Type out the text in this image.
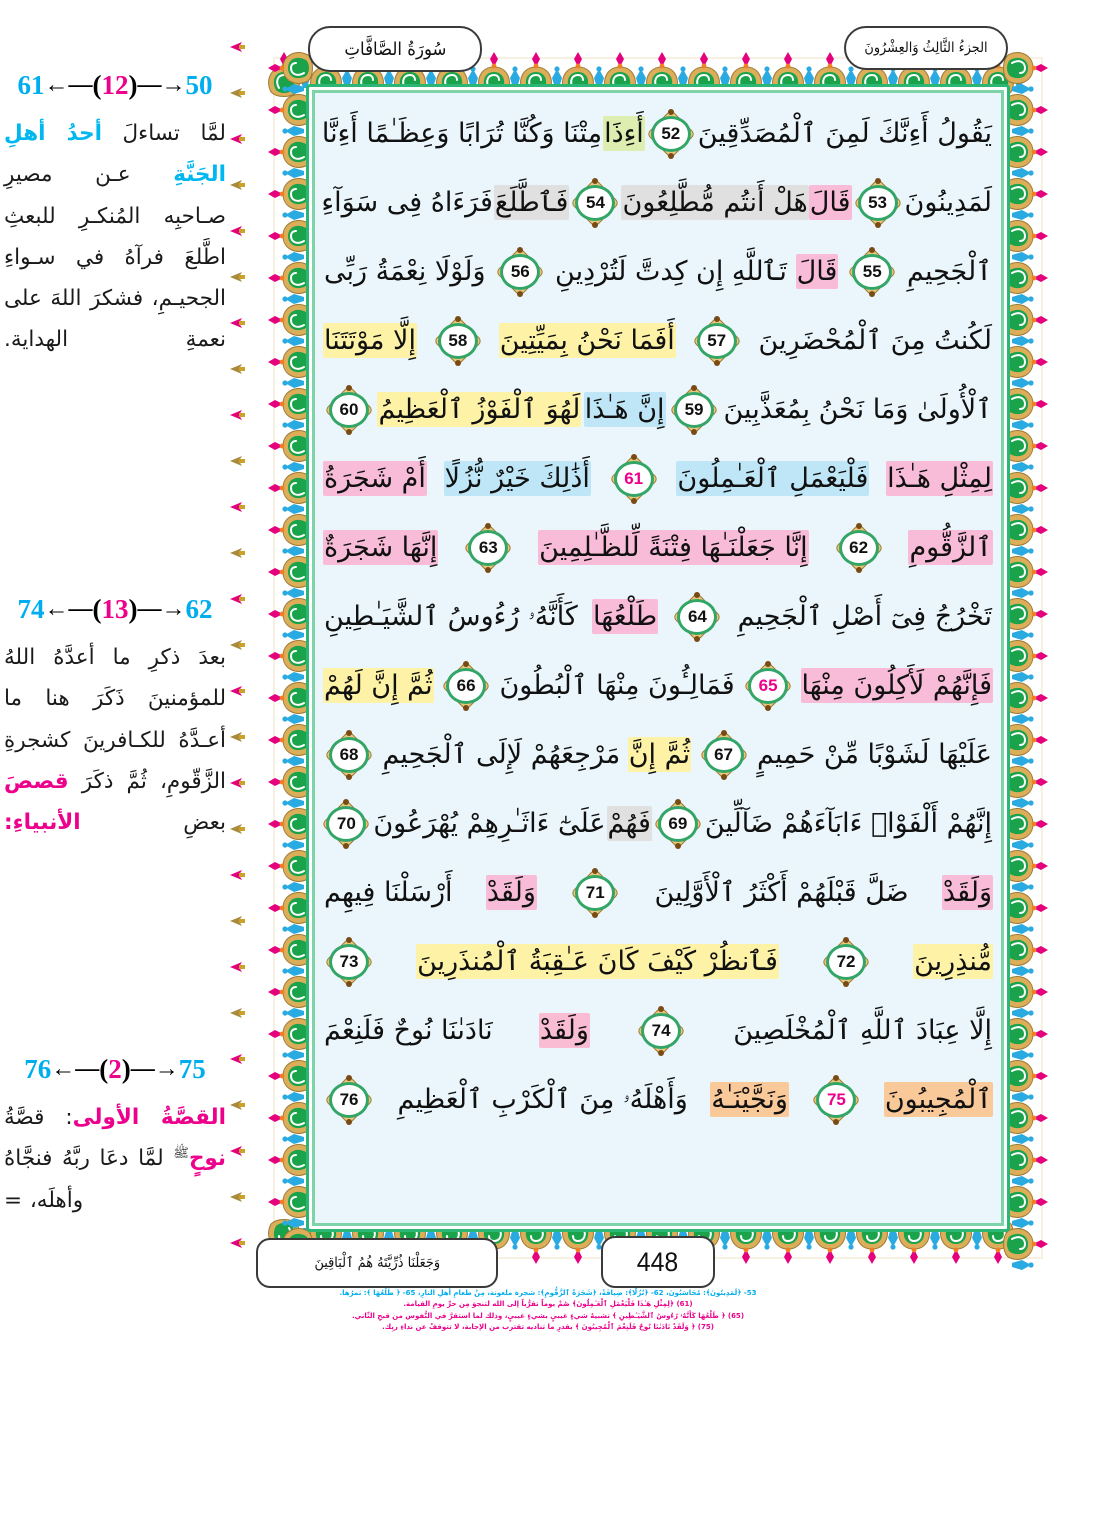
61←—(12)—→50
لمَّا تساءلَ أحدُ أهلِ الجَنَّةِ عـن مصيرِ صـاحبِه المُنكـرِ للبعثِ اطَّلعَ فرآهُ في سـواءِ الجحيـمِ، فشكرَ اللهَ على نعمةِ الهداية.
74←—(13)—→62
بعدَ ذكرِ ما أعدَّهُ اللهُ للمؤمنينَ ذَكَرَ هنا ما أعـدَّهُ للكـافرينَ كشجرةِ الزَّقّومِ، ثُمَّ ذكَرَ قصصَ بعضِ الأنبياءِ:
76←—(2)—→75
القصَّةُ الأولى: قصَّةُ نوحٍ$^ﷺ$ لمَّا دعَا ربَّهُ فنجَّاهُ وأهلَه، =
سُورَةُ الصَّافَّاتِ	الجزءُ الثَّالِثُ وَالعِشْرُونَ
يَقُولُ أَءِنَّكَ لَمِنَ ٱلْمُصَدِّقِينَ
52
أَءِذَا
مِتْنَا وَكُنَّا تُرَابًا وَعِظَـٰمًا أَءِنَّا
لَمَدِينُونَ
53
قَالَ
هَلْ أَنتُم مُّطَّلِعُونَ
54
فَٱطَّلَعَ
فَرَءَاهُ فِى سَوَآءِ
ٱلْجَحِيمِ
55
قَالَ
تَٱللَّهِ إِن كِدتَّ لَتُرْدِينِ
56
وَلَوْلَا نِعْمَةُ رَبِّى
لَكُنتُ مِنَ ٱلْمُحْضَرِينَ
57
أَفَمَا نَحْنُ بِمَيِّتِينَ
58
إِلَّا مَوْتَتَنَا
ٱلْأُولَىٰ وَمَا نَحْنُ بِمُعَذَّبِينَ
59
إِنَّ هَـٰذَا
لَهُوَ ٱلْفَوْزُ ٱلْعَظِيمُ
60
لِمِثْلِ هَـٰذَا
فَلْيَعْمَلِ ٱلْعَـٰمِلُونَ
61
أَذَٰلِكَ خَيْرٌ نُّزُلًا
أَمْ شَجَرَةُ
ٱلزَّقُّومِ
62
إِنَّا جَعَلْنَـٰهَا فِتْنَةً لِّلظَّـٰلِمِينَ
63
إِنَّهَا شَجَرَةٌ
تَخْرُجُ فِىٓ أَصْلِ ٱلْجَحِيمِ
64
طَلْعُهَا
كَأَنَّهُۥ رُءُوسُ ٱلشَّيَـٰطِينِ
فَإِنَّهُمْ لَأَكِلُونَ مِنْهَا
65
فَمَالِـُٔونَ مِنْهَا ٱلْبُطُونَ
66
ثُمَّ إِنَّ لَهُمْ
عَلَيْهَا لَشَوْبًا مِّنْ حَمِيمٍ
67
ثُمَّ إِنَّ
مَرْجِعَهُمْ لَإِلَى ٱلْجَحِيمِ
68
إِنَّهُمْ أَلْفَوْا۟ ءَابَآءَهُمْ ضَآلِّينَ
69
فَهُمْ
عَلَىٰٓ ءَاثَـٰرِهِمْ يُهْرَعُونَ
70
وَلَقَدْ
ضَلَّ قَبْلَهُمْ أَكْثَرُ ٱلْأَوَّلِينَ
71
وَلَقَدْ
أَرْسَلْنَا فِيهِم
مُّنذِرِينَ
72
فَٱنظُرْ كَيْفَ كَانَ عَـٰقِبَةُ ٱلْمُنذَرِينَ
73
إِلَّا عِبَادَ ٱللَّهِ ٱلْمُخْلَصِينَ
74
وَلَقَدْ
نَادَىٰنَا نُوحٌ فَلَنِعْمَ
ٱلْمُجِيبُونَ
75
وَنَجَّيْنَـٰهُ
وَأَهْلَهُۥ مِنَ ٱلْكَرْبِ ٱلْعَظِيمِ
76
448
وَجَعَلْنَا ذُرِّيَّتَهُ هُمُ ٱلْبَاقِينَ
53- ﴿لَمَدِينُونَ﴾: مُحَاسَبُونَ، 62- ﴿نُزُلًا﴾: ضِيافَةً، ﴿شَجَرَةُ ٱلزَّقُّومِ﴾: شجرة ملعونة، مِنْ طعامِ أهلِ النارِ، 65- ﴿ طَلْعُهَا ﴾: ثمرُها.
(61) ﴿لِمِثْلِ هَـٰذَا فَلْيَعْمَلِ ٱلْعَـٰمِلُونَ﴾ صُمْ يوماً تقرُّباً إلى الله لتنجوَ مِن حرِّ يومِ القيامة.
(65) ﴿ طَلْعُهَا كَأَنَّهُۥ رُءُوسُ ٱلشَّيَـٰطِينِ ﴾ تشبيهُ شيءٍ غيبيٍ بشيءٍ غيبيٍ، وذلك لما استقرَّ في النُّفوس من قبحِ الثّاني.
(75) ﴿ وَلَقَدْ نَادَىٰنَا نُوحٌ فَلَنِعْمَ ٱلْمُجِيبُونَ ﴾ بقدرِ ما تناديه تقترب من الإجابة، لا تتوقفْ عن نداءِ ربِك.
